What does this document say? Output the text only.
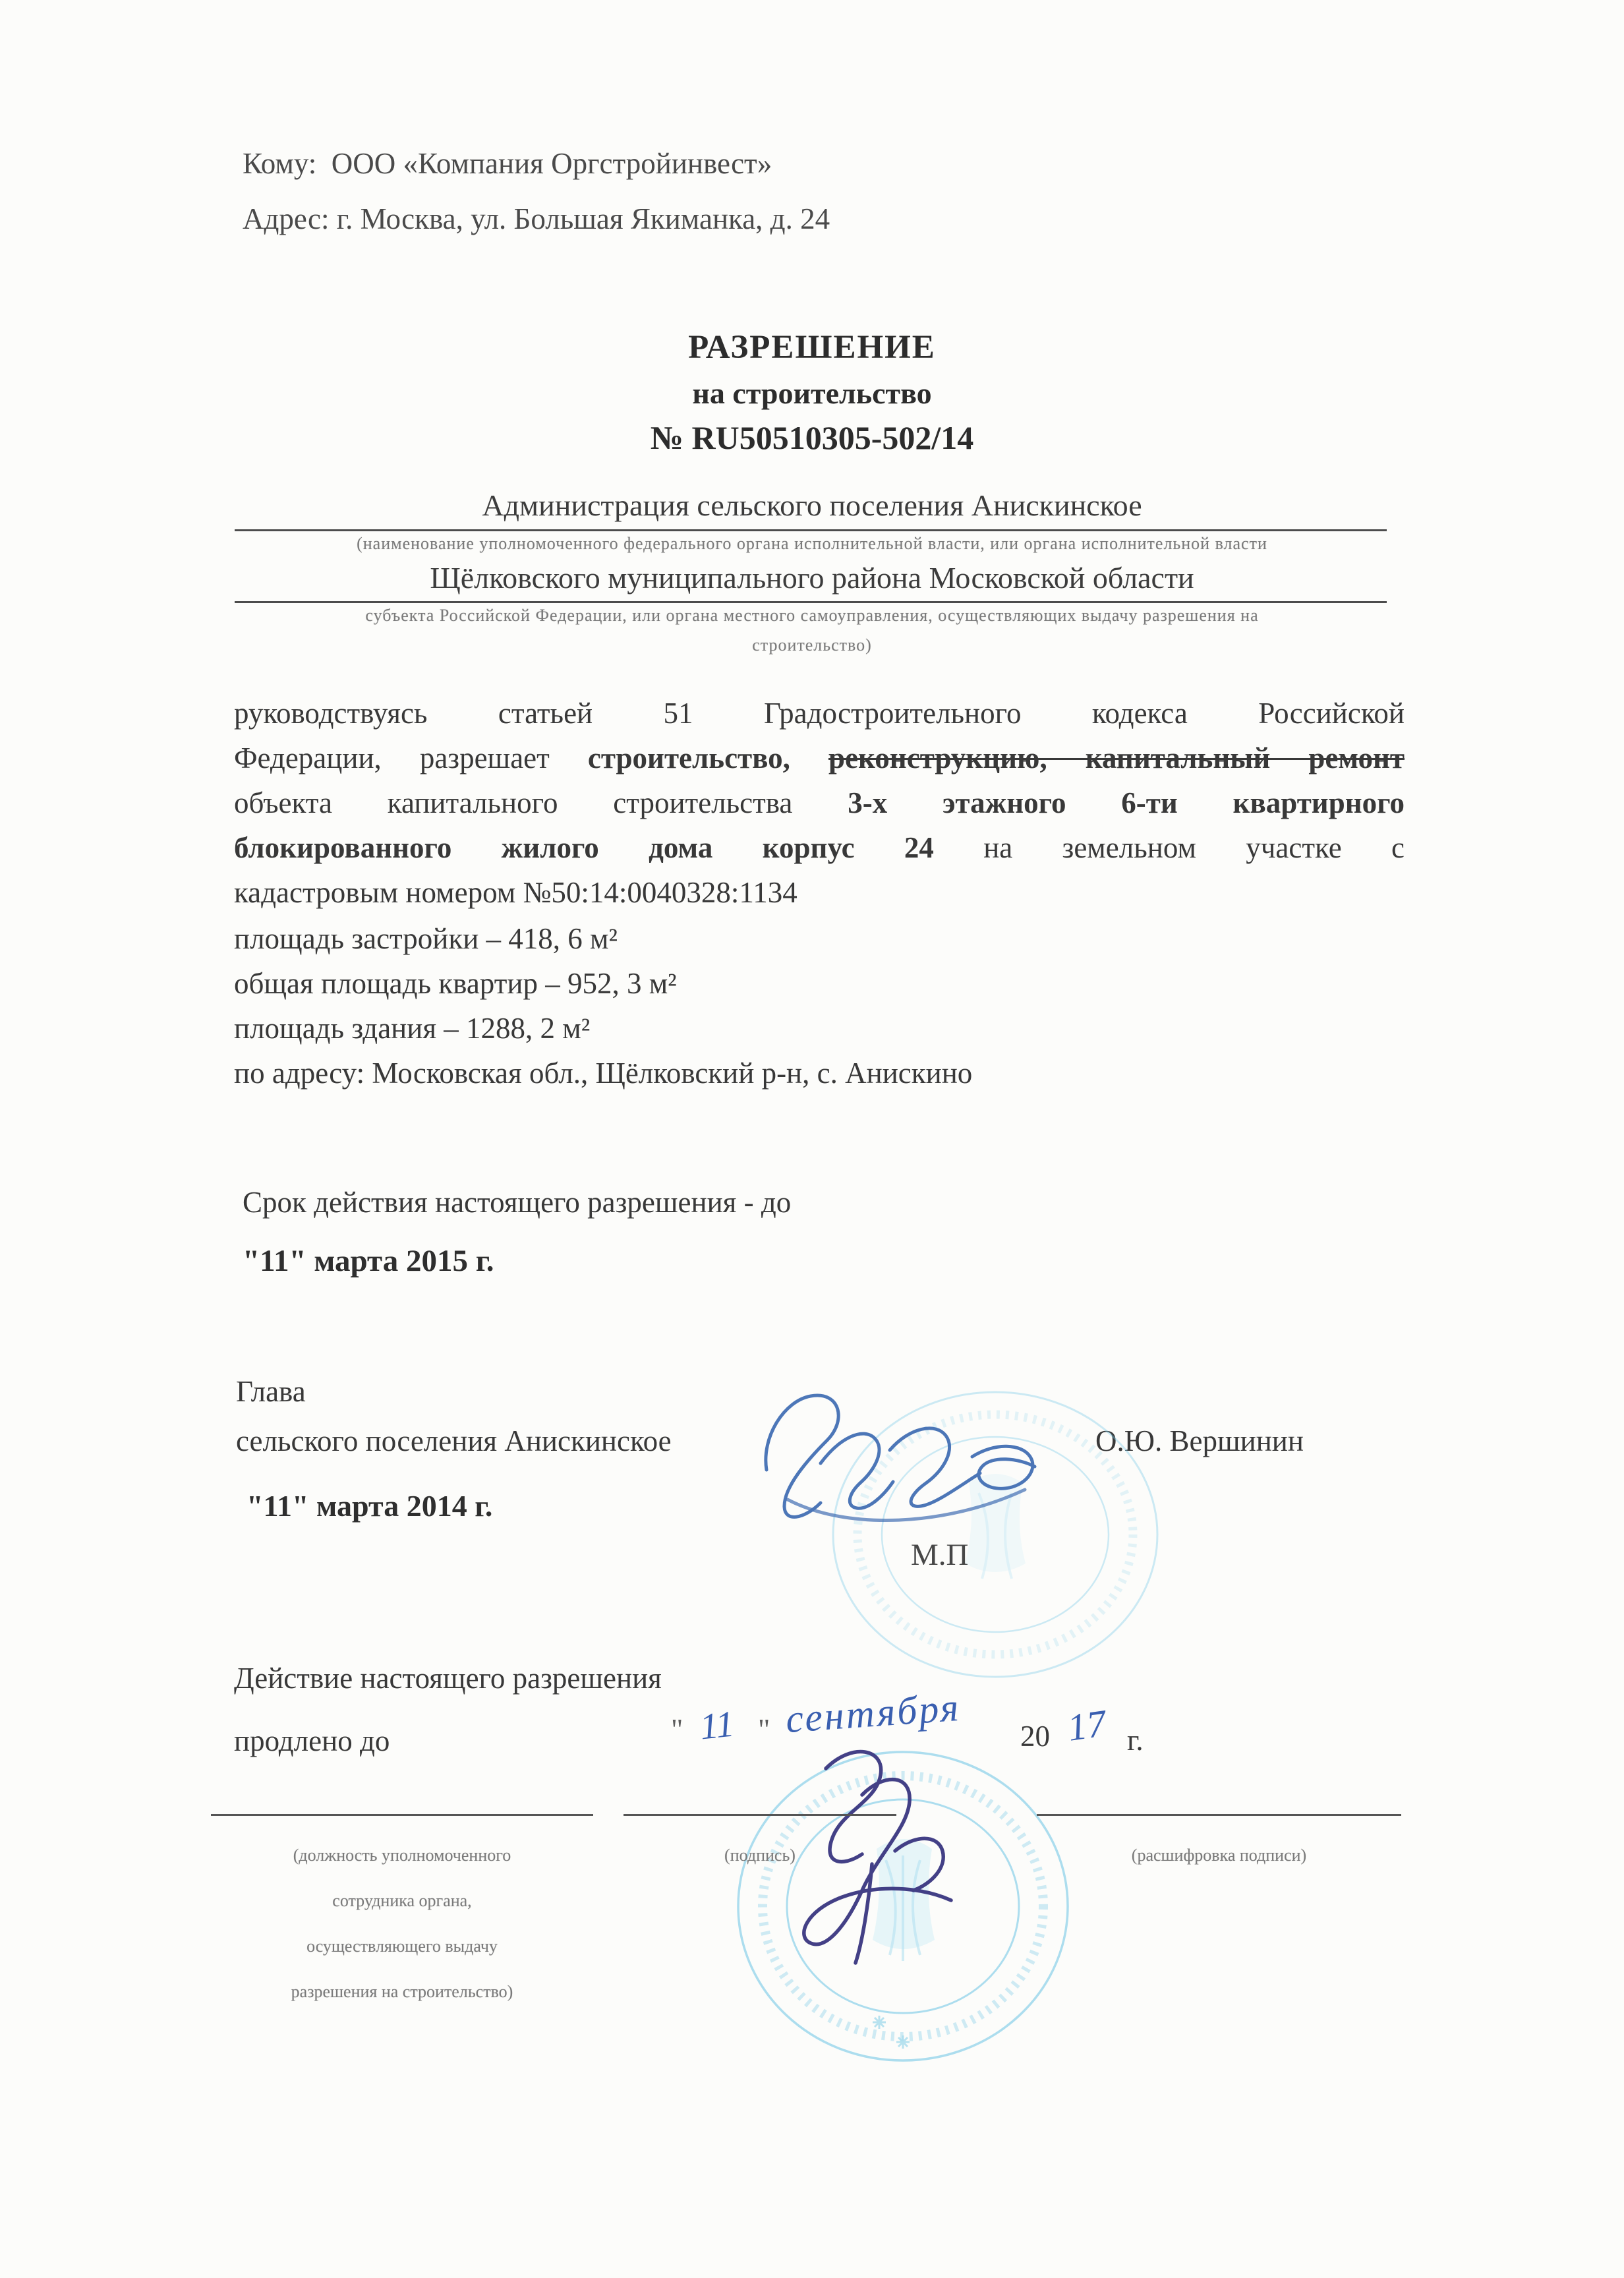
Кому:  ООО «Компания Оргстройинвест»
Адрес: г. Москва, ул. Большая Якиманка, д. 24
РАЗРЕШЕНИЕ
на строительство
№ RU50510305-502/14
Администрация сельского поселения Анискинское
(наименование уполномоченного федерального органа исполнительной власти, или органа исполнительной власти
Щёлковского муниципального района Московской области
субъекта Российской Федерации, или органа местного самоуправления, осуществляющих выдачу разрешения на
строительство)
руководствуясь статьей 51 Градостроительного кодекса Российской
Федерации, разрешает строительство, реконструкцию, капитальный ремонт
объекта капитального строительства 3-х этажного 6-ти квартирного
блокированного жилого дома корпус 24 на земельном участке с
кадастровым номером №50:14:0040328:1134
площадь застройки – 418, 6 м²
общая площадь квартир – 952, 3 м²
площадь здания – 1288, 2 м²
по адресу: Московская обл., Щёлковский р-н, с. Анискино
Срок действия настоящего разрешения - до
"11" марта 2015 г.
Глава
сельского поселения Анискинское	О.Ю. Вершинин
"11" марта 2014 г.
М.П
Действие настоящего разрешения
продлено до	" 11 " сентября 20 17 г.
(должность уполномоченного
сотрудника органа,
осуществляющего выдачу
разрешения на строительство)
(подпись)	(расшифровка подписи)
